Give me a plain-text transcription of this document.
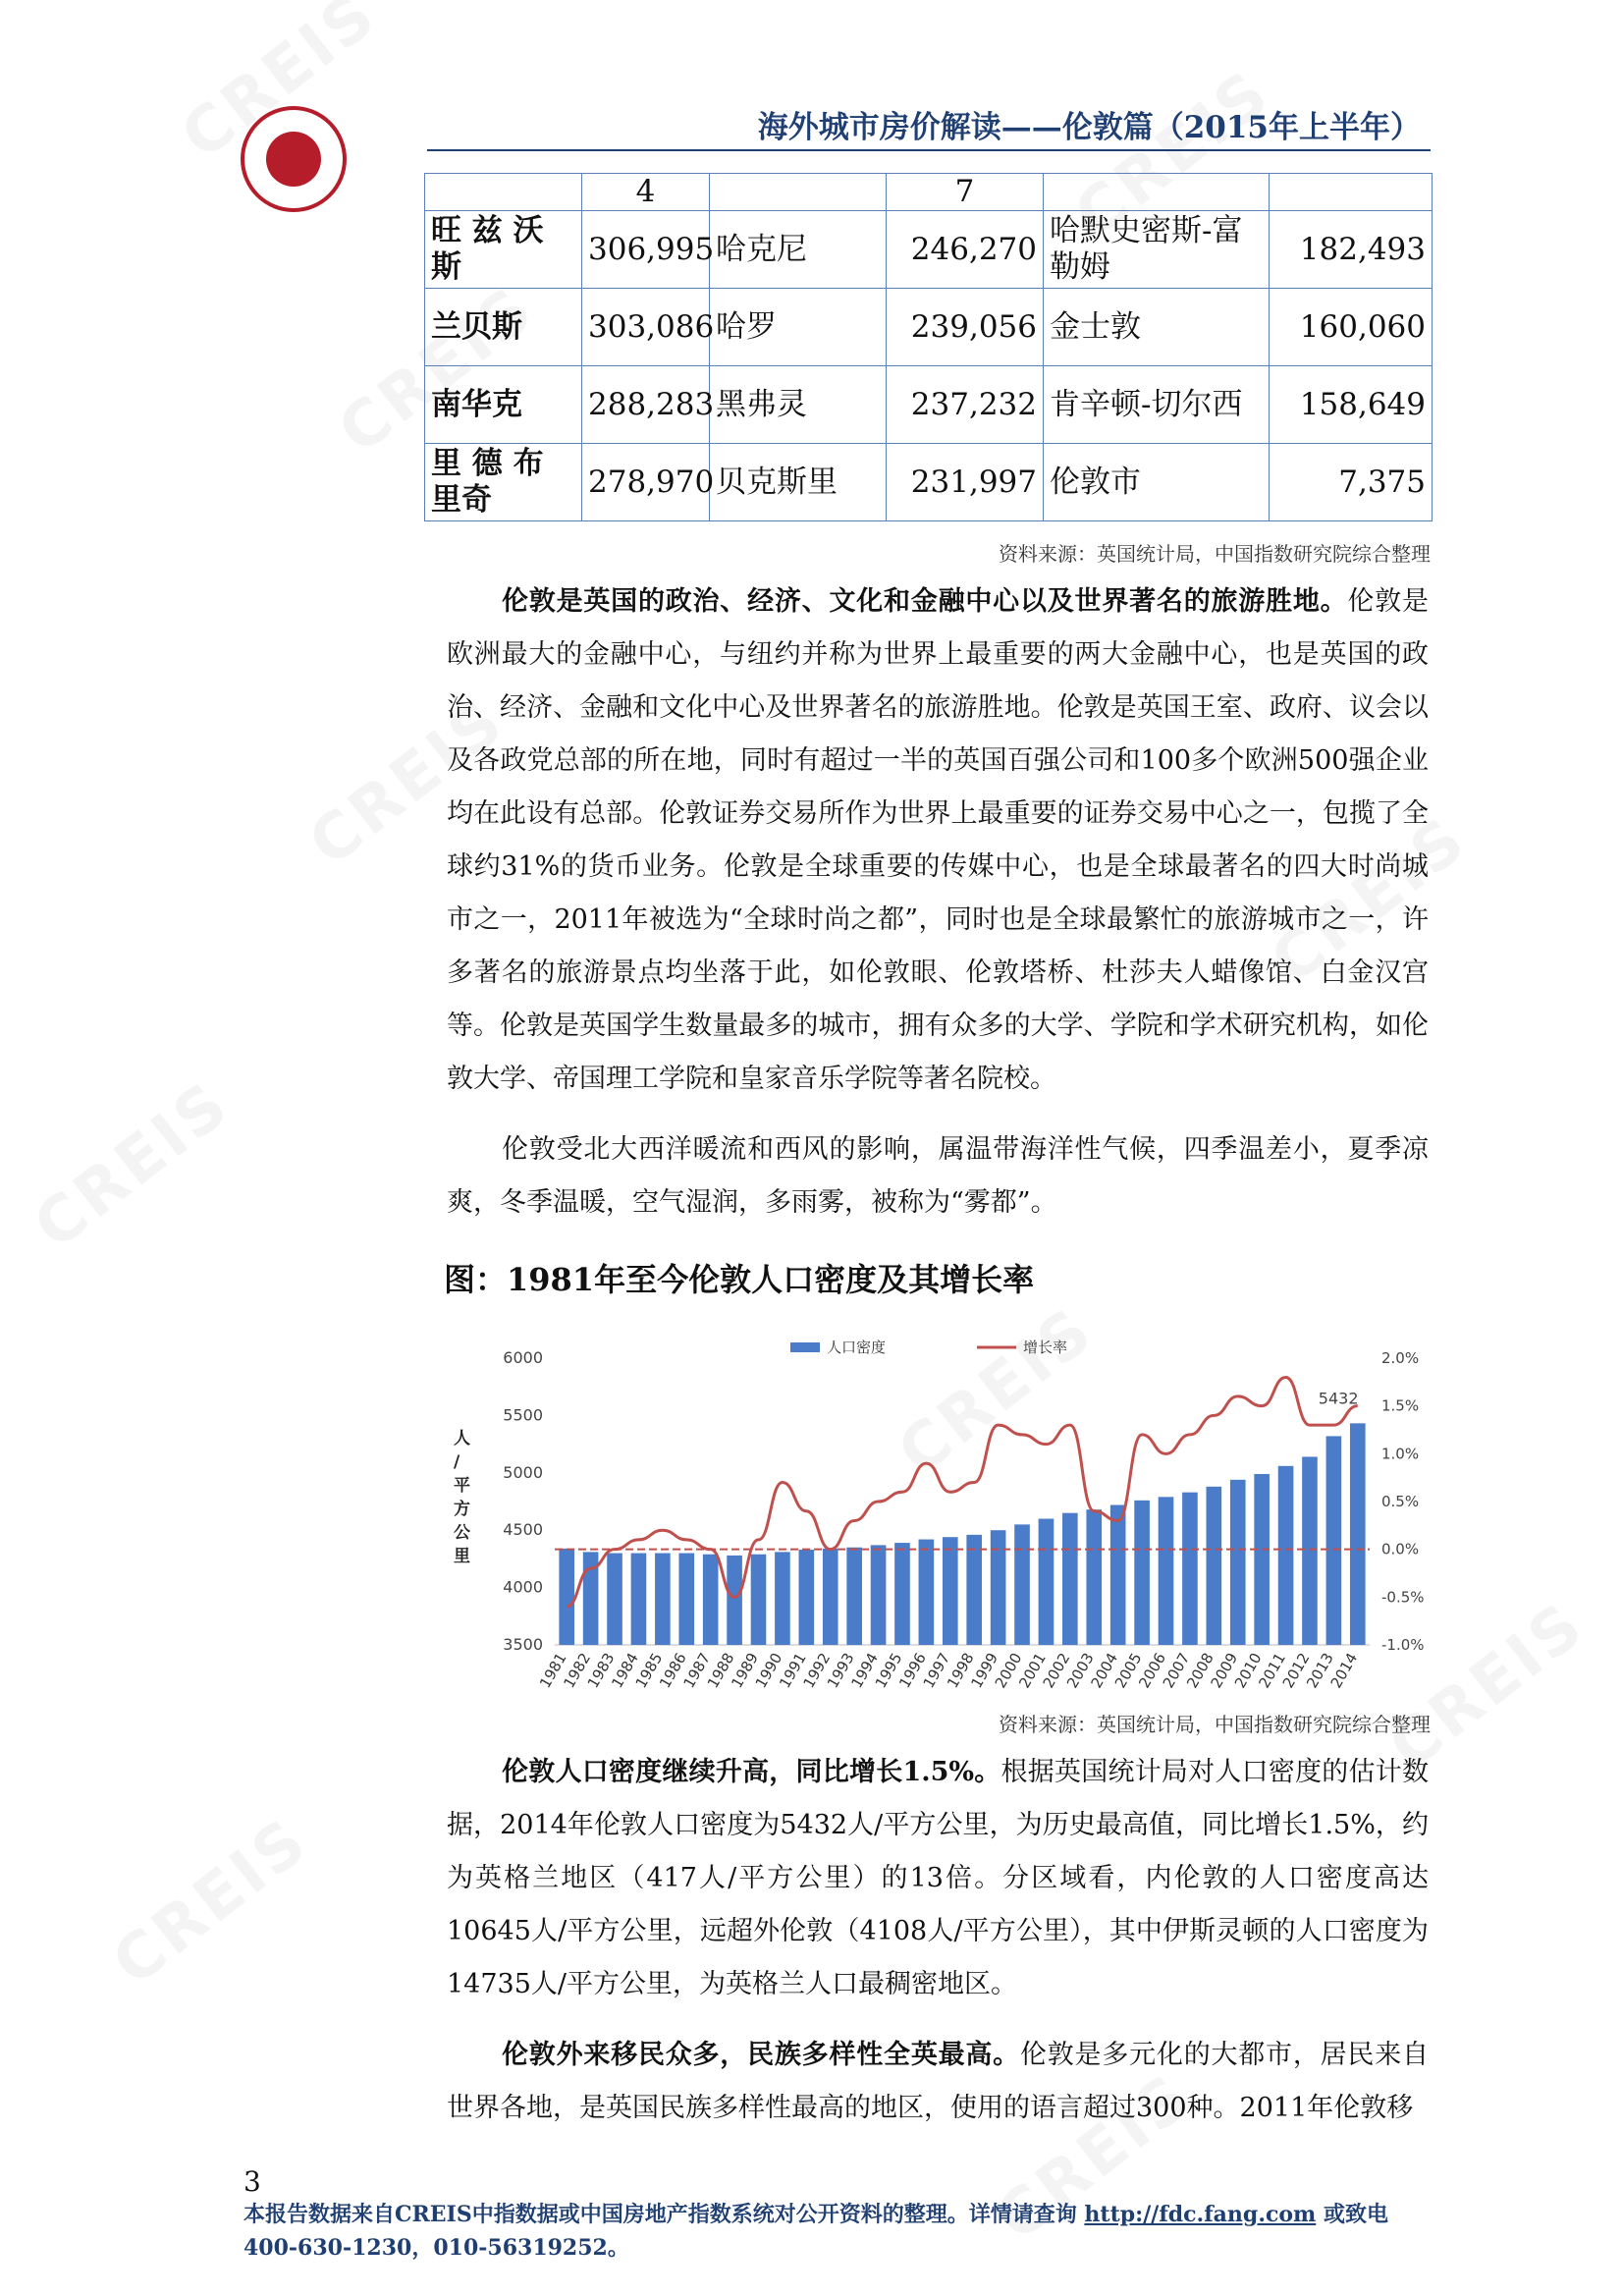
海外城市房价解读——伦敦篇（2015年上半年）
	4		7		
旺 兹 沃 斯	306,995	哈克尼	246,270	哈默史密斯-富勒姆	182,493
兰贝斯	303,086	哈罗	239,056	金士敦	160,060
南华克	288,283	黑弗灵	237,232	肯辛顿-切尔西	158,649
里 德 布 里奇	278,970	贝克斯里	231,997	伦敦市	7,375
资料来源：英国统计局，中国指数研究院综合整理
伦敦是英国的政治、经济、文化和金融中心以及世界著名的旅游胜地。伦敦是欧洲最大的金融中心，与纽约并称为世界上最重要的两大金融中心，也是英国的政治、经济、金融和文化中心及世界著名的旅游胜地。伦敦是英国王室、政府、议会以及各政党总部的所在地，同时有超过一半的英国百强公司和100多个欧洲500强企业均在此设有总部。伦敦证券交易所作为世界上最重要的证券交易中心之一，包揽了全球约31%的货币业务。伦敦是全球重要的传媒中心，也是全球最著名的四大时尚城市之一，2011年被选为“全球时尚之都”，同时也是全球最繁忙的旅游城市之一，许多著名的旅游景点均坐落于此，如伦敦眼、伦敦塔桥、杜莎夫人蜡像馆、白金汉宫等。伦敦是英国学生数量最多的城市，拥有众多的大学、学院和学术研究机构，如伦敦大学、帝国理工学院和皇家音乐学院等著名院校。
伦敦受北大西洋暖流和西风的影响，属温带海洋性气候，四季温差小，夏季凉爽，冬季温暖，空气湿润，多雨雾，被称为“雾都”。
图：1981年至今伦敦人口密度及其增长率
3500
4000
4500
5000
5500
6000
-1.0%
-0.5%
0.0%
0.5%
1.0%
1.5%
2.0%
1981
1982
1983
1984
1985
1986
1987
1988
1989
1990
1991
1992
1993
1994
1995
1996
1997
1998
1999
2000
2001
2002
2003
2004
2005
2006
2007
2008
2009
2010
2011
2012
2013
2014
5432
人口密度	增长率
人
/
平
方
公
里
资料来源：英国统计局，中国指数研究院综合整理
伦敦人口密度继续升高，同比增长1.5%。根据英国统计局对人口密度的估计数据，2014年伦敦人口密度为5432人/平方公里，为历史最高值，同比增长1.5%，约为英格兰地区（417人/平方公里）的13倍。分区域看，内伦敦的人口密度高达10645人/平方公里，远超外伦敦（4108人/平方公里），其中伊斯灵顿的人口密度为14735人/平方公里，为英格兰人口最稠密地区。
伦敦外来移民众多，民族多样性全英最高。伦敦是多元化的大都市，居民来自世界各地，是英国民族多样性最高的地区，使用的语言超过300种。2011年伦敦移
3
本报告数据来自CREIS中指数据或中国房地产指数系统对公开资料的整理。详情请查询 http://fdc.fang.com 或致电400-630-1230，010-56319252。
